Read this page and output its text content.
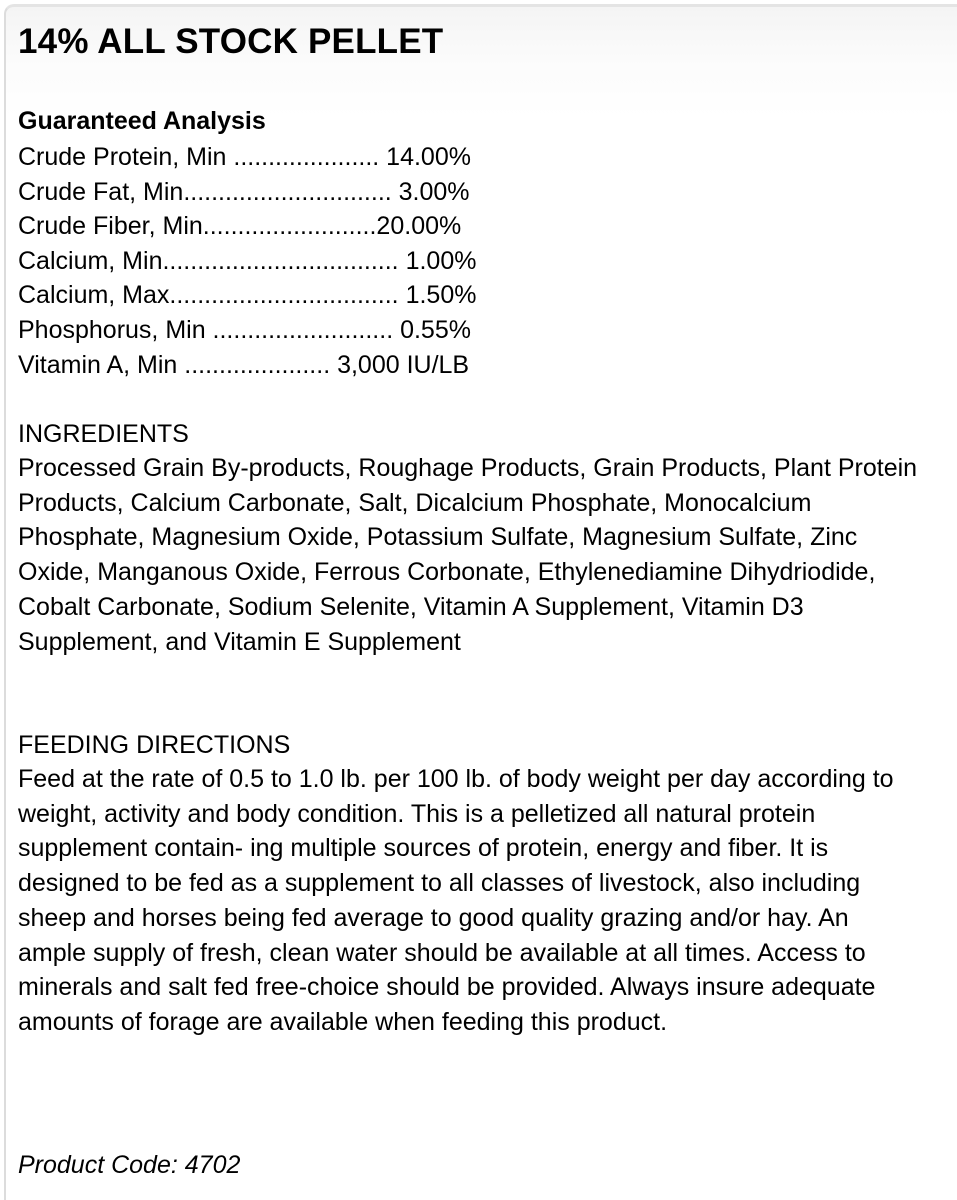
14% ALL STOCK PELLET
Guaranteed Analysis
Crude Protein, Min ..................... 14.00%
Crude Fat, Min.............................. 3.00%
Crude Fiber, Min.........................20.00%
Calcium, Min.................................. 1.00%
Calcium, Max................................. 1.50%
Phosphorus, Min .......................... 0.55%
Vitamin A, Min ..................... 3,000 IU/LB
INGREDIENTS

Processed Grain By-products, Roughage Products, Grain Products, Plant Protein Products, Calcium Carbonate, Salt, Dicalcium Phosphate, Monocalcium Phosphate, Magnesium Oxide, Potassium Sulfate, Magnesium Sulfate, Zinc Oxide, Manganous Oxide, Ferrous Corbonate, Ethylenediamine Dihydriodide, Cobalt Carbonate, Sodium Selenite, Vitamin A Supplement, Vitamin D3 Supplement, and Vitamin E Supplement

FEEDING DIRECTIONS

Feed at the rate of 0.5 to 1.0 lb. per 100 lb. of body weight per day according to weight, activity and body condition. This is a pelletized all natural protein supplement contain- ing multiple sources of protein, energy and fiber. It is designed to be fed as a supplement to all classes of livestock, also including sheep and horses being fed average to good quality grazing and/or hay. An ample supply of fresh, clean water should be available at all times. Access to minerals and salt fed free-choice should be provided. Always insure adequate amounts of forage are available when feeding this product.

Product Code: 4702
